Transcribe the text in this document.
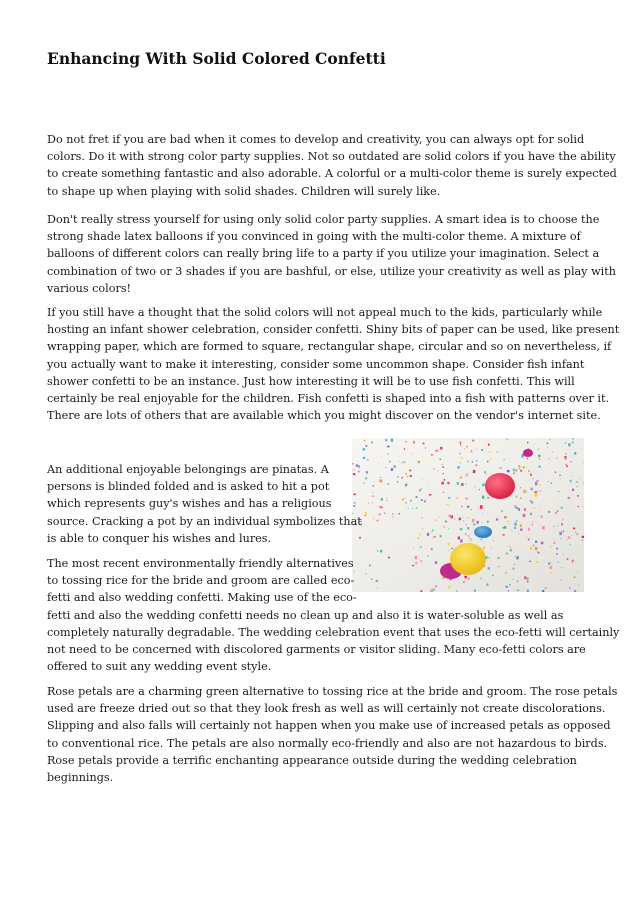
Enhancing With Solid Colored Confetti
Do not fret if you are bad when it comes to develop and creativity, you can always opt for solid
colors. Do it with strong color party supplies. Not so outdated are solid colors if you have the ability
to create something fantastic and also adorable. A colorful or a multi-color theme is surely expected
to shape up when playing with solid shades. Children will surely like.
Don't really stress yourself for using only solid color party supplies. A smart idea is to choose the
strong shade latex balloons if you convinced in going with the multi-color theme. A mixture of
balloons of different colors can really bring life to a party if you utilize your imagination. Select a
combination of two or 3 shades if you are bashful, or else, utilize your creativity as well as play with
various colors!
If you still have a thought that the solid colors will not appeal much to the kids, particularly while
hosting an infant shower celebration, consider confetti. Shiny bits of paper can be used, like present
wrapping paper, which are formed to square, rectangular shape, circular and so on nevertheless, if
you actually want to make it interesting, consider some uncommon shape. Consider fish infant
shower confetti to be an instance. Just how interesting it will be to use fish confetti. This will
certainly be real enjoyable for the children. Fish confetti is shaped into a fish with patterns over it.
There are lots of others that are available which you might discover on the vendor's internet site.
An additional enjoyable belongings are pinatas. A
persons is blinded folded and is asked to hit a pot
which represents guy's wishes and has a religious
source. Cracking a pot by an individual symbolizes that
is able to conquer his wishes and lures.
The most recent environmentally friendly alternatives
to tossing rice for the bride and groom are called eco-
fetti and also wedding confetti. Making use of the eco-
fetti and also the wedding confetti needs no clean up and also it is water-soluble as well as
completely naturally degradable. The wedding celebration event that uses the eco-fetti will certainly
not need to be concerned with discolored garments or visitor sliding. Many eco-fetti colors are
offered to suit any wedding event style.
Rose petals are a charming green alternative to tossing rice at the bride and groom. The rose petals
used are freeze dried out so that they look fresh as well as will certainly not create discolorations.
Slipping and also falls will certainly not happen when you make use of increased petals as opposed
to conventional rice. The petals are also normally eco-friendly and also are not hazardous to birds.
Rose petals provide a terrific enchanting appearance outside during the wedding celebration
beginnings.
